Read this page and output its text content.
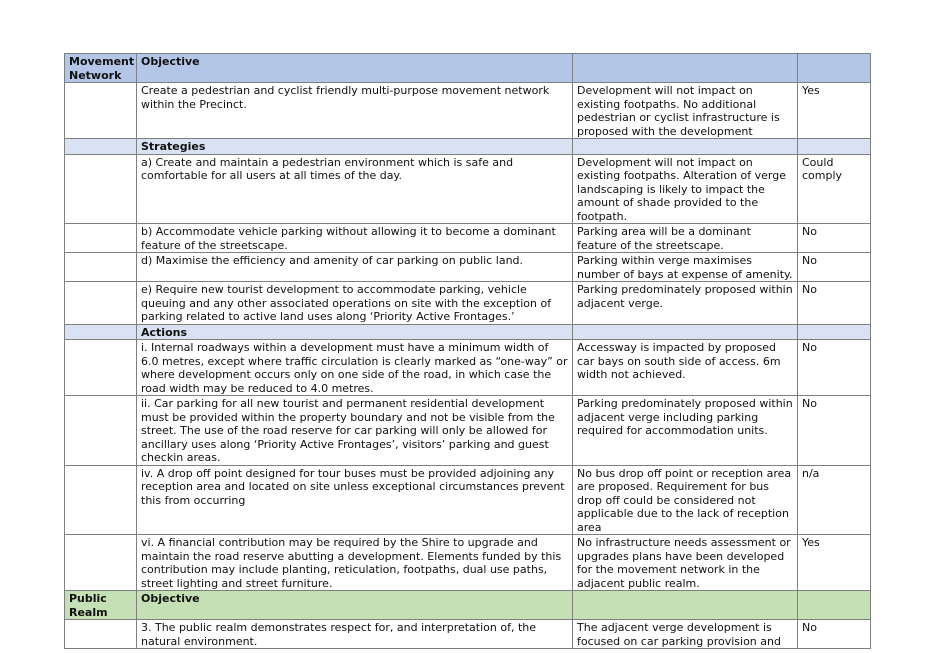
Movement Network	Objective		
	Create a pedestrian and cyclist friendly multi-purpose movement network within the Precinct.	Development will not impact on existing footpaths. No additional pedestrian or cyclist infrastructure is proposed with the development	Yes
	Strategies		
	a) Create and maintain a pedestrian environment which is safe and comfortable for all users at all times of the day.	Development will not impact on existing footpaths. Alteration of verge landscaping is likely to impact the amount of shade provided to the footpath.	Could comply
	b) Accommodate vehicle parking without allowing it to become a dominant feature of the streetscape.	Parking area will be a dominant feature of the streetscape.	No
	d) Maximise the efficiency and amenity of car parking on public land.	Parking within verge maximises number of bays at expense of amenity.	No
	e) Require new tourist development to accommodate parking, vehicle queuing and any other associated operations on site with the exception of parking related to active land uses along ‘Priority Active Frontages.’	Parking predominately proposed within adjacent verge.	No
	Actions		
	i. Internal roadways within a development must have a minimum width of 6.0 metres, except where traffic circulation is clearly marked as “one-way” or where development occurs only on one side of the road, in which case the road width may be reduced to 4.0 metres.	Accessway is impacted by proposed car bays on south side of access. 6m width not achieved.	No
	ii. Car parking for all new tourist and permanent residential development must be provided within the property boundary and not be visible from the street. The use of the road reserve for car parking will only be allowed for ancillary uses along ‘Priority Active Frontages’, visitors’ parking and guest checkin areas.	Parking predominately proposed within adjacent verge including parking required for accommodation units.	No
	iv. A drop off point designed for tour buses must be provided adjoining any reception area and located on site unless exceptional circumstances prevent this from occurring	No bus drop off point or reception area are proposed. Requirement for bus drop off could be considered not applicable due to the lack of reception area	n/a
	vi. A financial contribution may be required by the Shire to upgrade and maintain the road reserve abutting a development. Elements funded by this contribution may include planting, reticulation, footpaths, dual use paths, street lighting and street furniture.	No infrastructure needs assessment or upgrades plans have been developed for the movement network in the adjacent public realm.	Yes
Public Realm	Objective		
	3. The public realm demonstrates respect for, and interpretation of, the natural environment.	The adjacent verge development is focused on car parking provision and	No
